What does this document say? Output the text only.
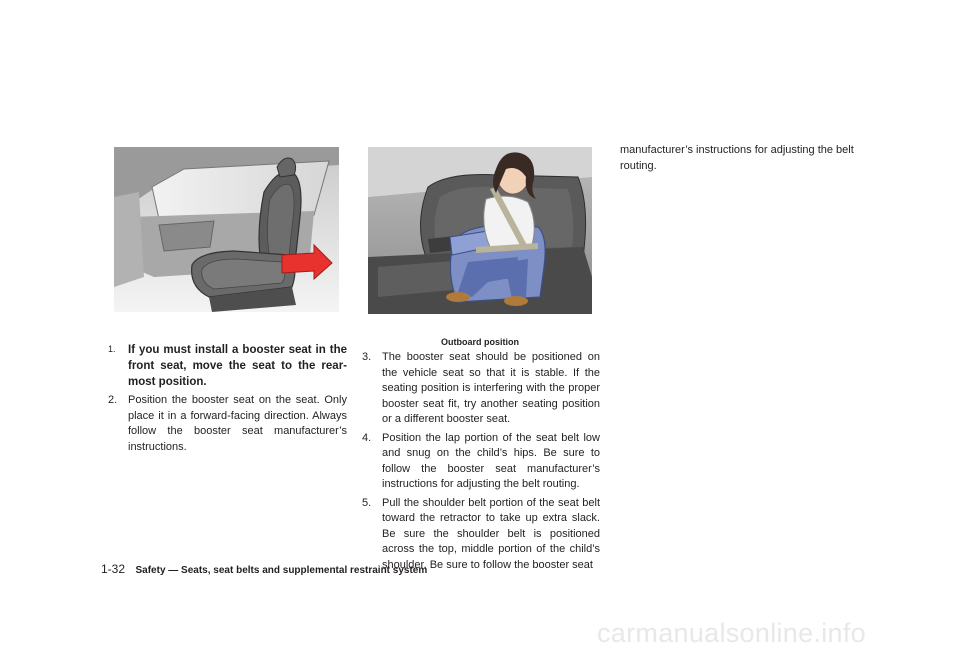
Outboard position
1.	If you must install a booster seat in the front seat, move the seat to the rear-most position.
2. Position the booster seat on the seat. Only place it in a forward-facing direction. Always follow the booster seat manufacturer’s instructions.
3. The booster seat should be positioned on the vehicle seat so that it is stable. If the seating position is interfering with the proper booster seat fit, try another seating position or a different booster seat.
4. Position the lap portion of the seat belt low and snug on the child’s hips. Be sure to follow the booster seat manufacturer’s instructions for adjusting the belt routing.
5. Pull the shoulder belt portion of the seat belt toward the retractor to take up extra slack. Be sure the shoulder belt is positioned across the top, middle portion of the child’s shoulder. Be sure to follow the booster seat
manufacturer’s instructions for adjusting the belt routing.
1-32 Safety — Seats, seat belts and supplemental restraint system
carmanualsonline.info
